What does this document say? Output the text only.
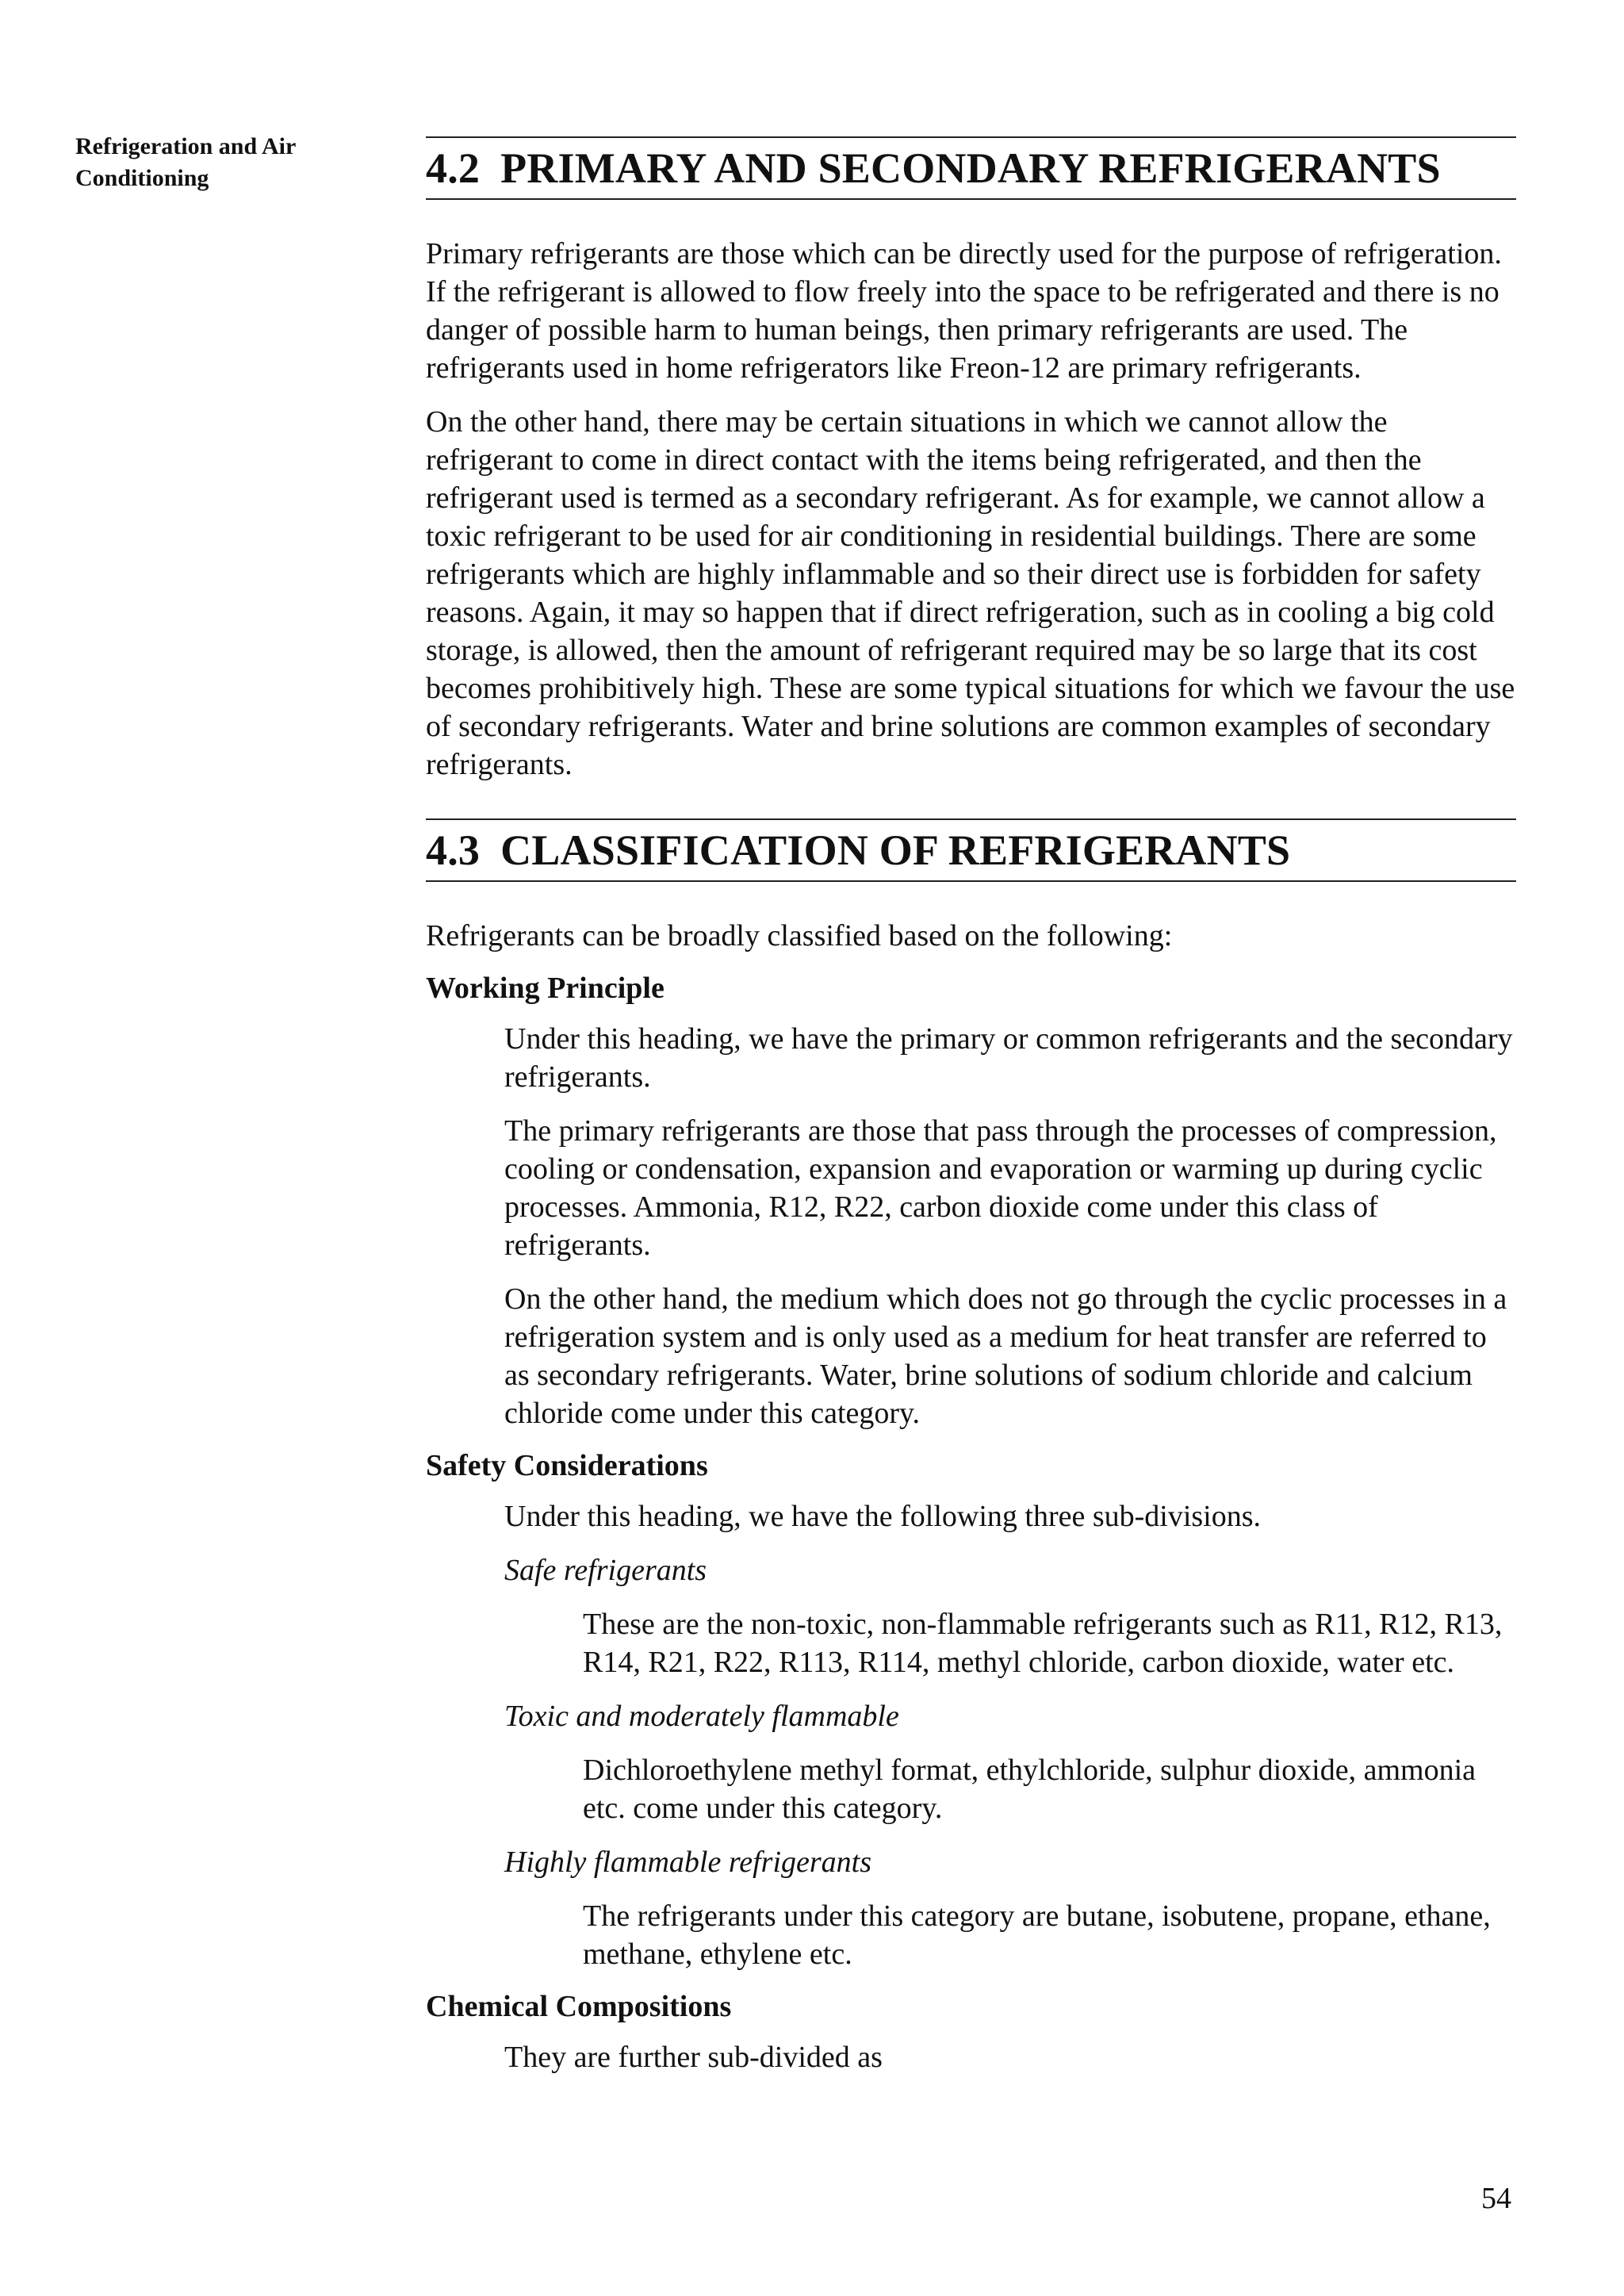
Refrigeration and Air Conditioning	4.2 PRIMARY AND SECONDARY REFRIGERANTS

Primary refrigerants are those which can be directly used for the purpose of refrigeration. If the refrigerant is allowed to flow freely into the space to be refrigerated and there is no danger of possible harm to human beings, then primary refrigerants are used. The refrigerants used in home refrigerators like Freon-12 are primary refrigerants.

On the other hand, there may be certain situations in which we cannot allow the refrigerant to come in direct contact with the items being refrigerated, and then the refrigerant used is termed as a secondary refrigerant. As for example, we cannot allow a toxic refrigerant to be used for air conditioning in residential buildings. There are some refrigerants which are highly inflammable and so their direct use is forbidden for safety reasons. Again, it may so happen that if direct refrigeration, such as in cooling a big cold storage, is allowed, then the amount of refrigerant required may be so large that its cost becomes prohibitively high. These are some typical situations for which we favour the use of secondary refrigerants. Water and brine solutions are common examples of secondary refrigerants.

4.3 CLASSIFICATION OF REFRIGERANTS

Refrigerants can be broadly classified based on the following:

Working Principle

Under this heading, we have the primary or common refrigerants and the secondary refrigerants.

The primary refrigerants are those that pass through the processes of compression, cooling or condensation, expansion and evaporation or warming up during cyclic processes. Ammonia, R12, R22, carbon dioxide come under this class of refrigerants.

On the other hand, the medium which does not go through the cyclic processes in a refrigeration system and is only used as a medium for heat transfer are referred to as secondary refrigerants. Water, brine solutions of sodium chloride and calcium chloride come under this category.

Safety Considerations

Under this heading, we have the following three sub-divisions.

Safe refrigerants

These are the non-toxic, non-flammable refrigerants such as R11, R12, R13, R14, R21, R22, R113, R114, methyl chloride, carbon dioxide, water etc.

Toxic and moderately flammable

Dichloroethylene methyl format, ethylchloride, sulphur dioxide, ammonia etc. come under this category.

Highly flammable refrigerants

The refrigerants under this category are butane, isobutene, propane, ethane, methane, ethylene etc.

Chemical Compositions

They are further sub-divided as

54
